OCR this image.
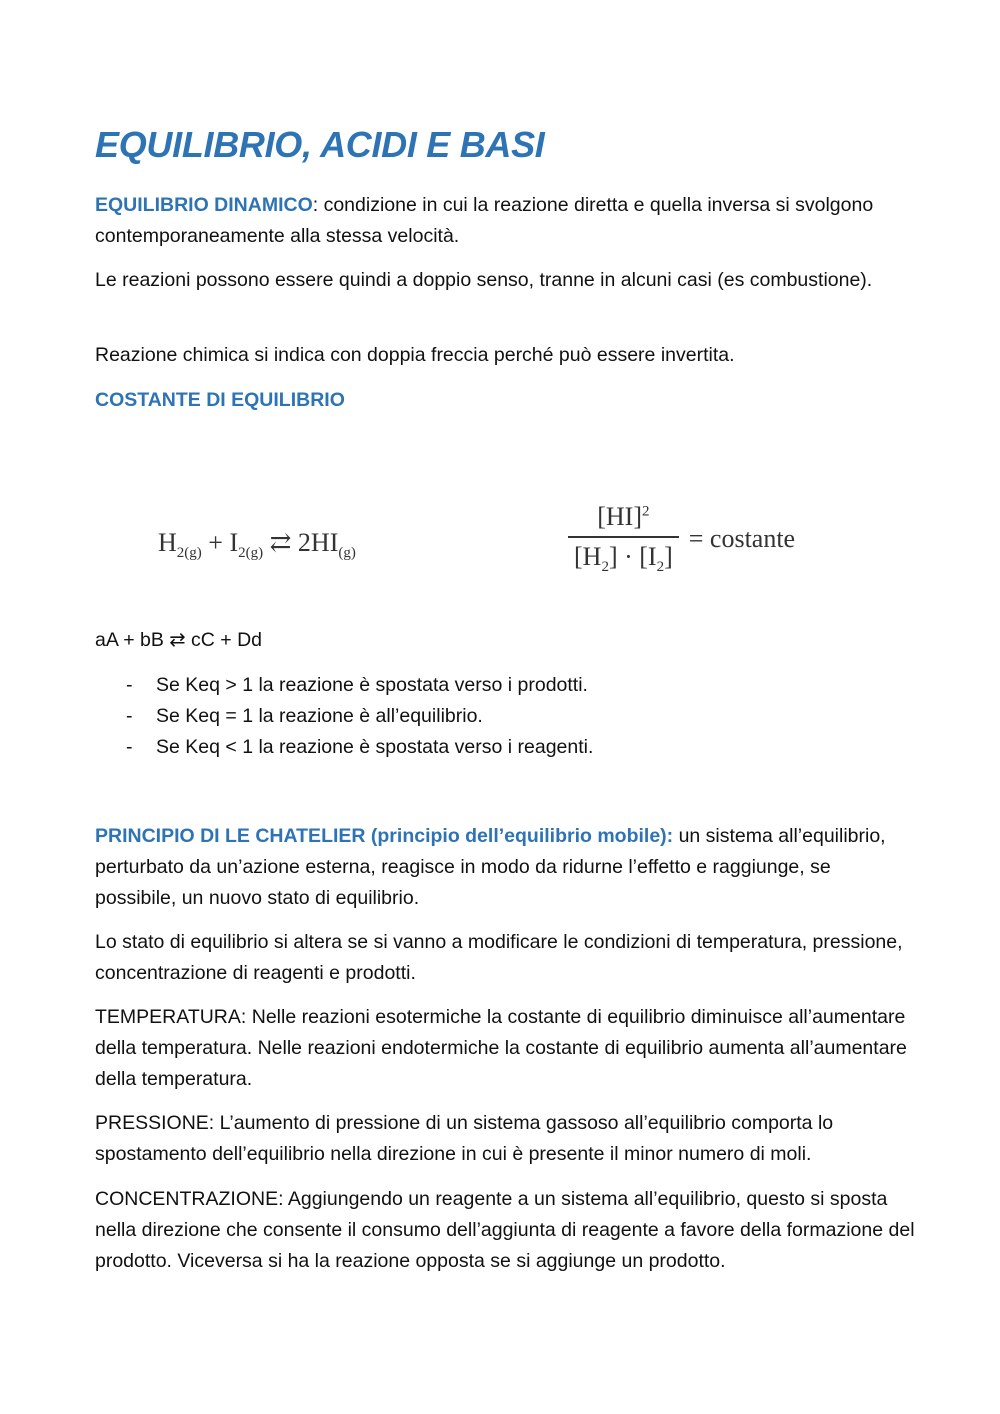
EQUILIBRIO, ACIDI E BASI

EQUILIBRIO DINAMICO: condizione in cui la reazione diretta e quella inversa si svolgono contemporaneamente alla stessa velocità.

Le reazioni possono essere quindi a doppio senso, tranne in alcuni casi (es combustione).

Reazione chimica si indica con doppia freccia perché può essere invertita.

COSTANTE DI EQUILIBRIO

$H_{2(g)} + I_{2(g)}$ ⇄ $2HI_{(g)}$	$\frac{[HI]^2}{[H_2] \cdot [I_2]}$ = costante

aA + bB ⇄ cC + Dd

- Se Keq > 1 la reazione è spostata verso i prodotti.
- Se Keq = 1 la reazione è all’equilibrio.
- Se Keq < 1 la reazione è spostata verso i reagenti.

PRINCIPIO DI LE CHATELIER (principio dell’equilibrio mobile): un sistema all’equilibrio, perturbato da un’azione esterna, reagisce in modo da ridurne l’effetto e raggiunge, se possibile, un nuovo stato di equilibrio.

Lo stato di equilibrio si altera se si vanno a modificare le condizioni di temperatura, pressione, concentrazione di reagenti e prodotti.

TEMPERATURA: Nelle reazioni esotermiche la costante di equilibrio diminuisce all’aumentare della temperatura. Nelle reazioni endotermiche la costante di equilibrio aumenta all’aumentare della temperatura.

PRESSIONE: L’aumento di pressione di un sistema gassoso all’equilibrio comporta lo spostamento dell’equilibrio nella direzione in cui è presente il minor numero di moli.

CONCENTRAZIONE: Aggiungendo un reagente a un sistema all’equilibrio, questo si sposta nella direzione che consente il consumo dell’aggiunta di reagente a favore della formazione del prodotto. Viceversa si ha la reazione opposta se si aggiunge un prodotto.
